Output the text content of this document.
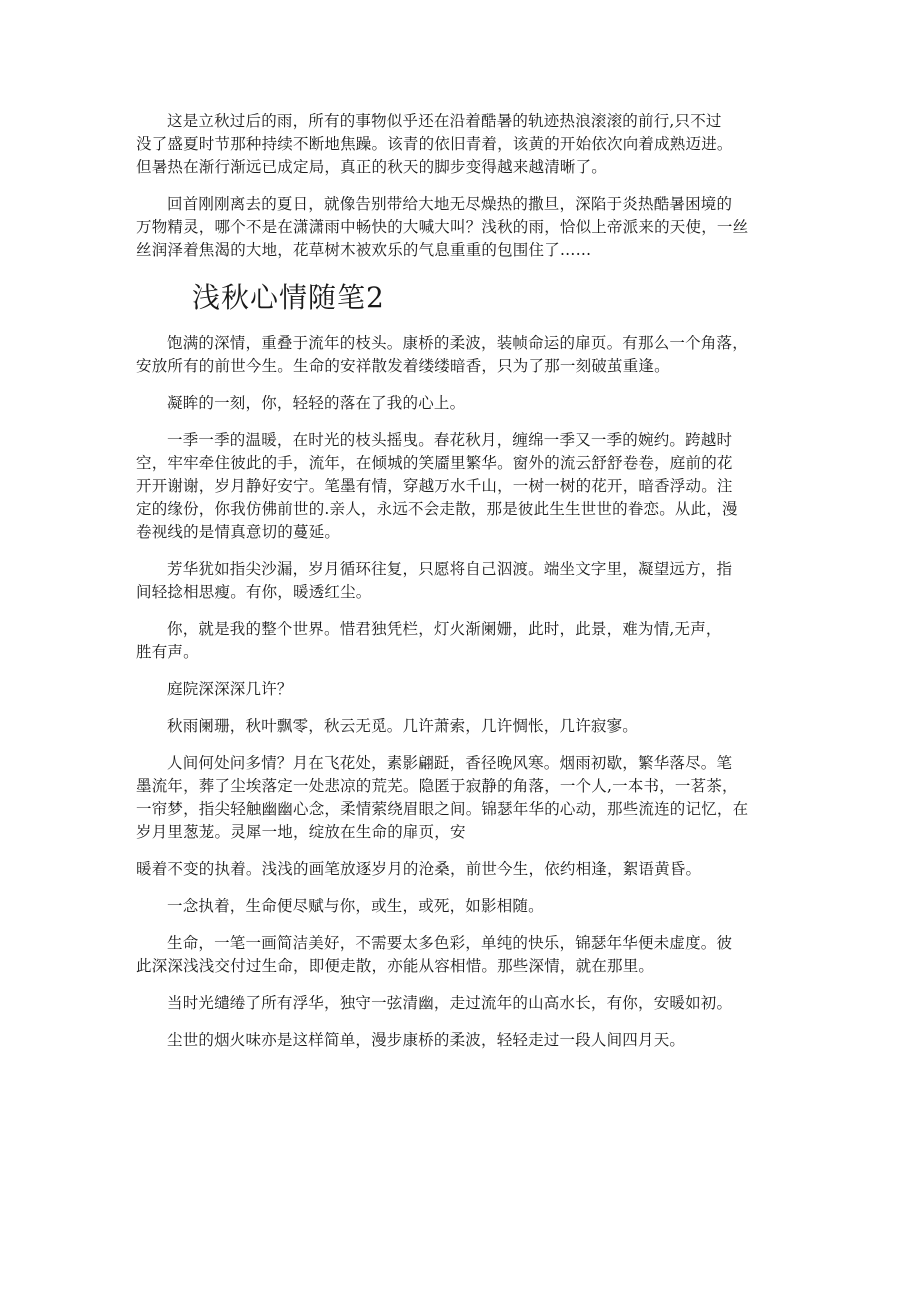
这是立秋过后的雨，所有的事物似乎还在沿着酷暑的轨迹热浪滚滚的前行,只不过
没了盛夏时节那种持续不断地焦躁。该青的依旧青着，该黄的开始依次向着成熟迈进。
但暑热在渐行渐远已成定局，真正的秋天的脚步变得越来越清晰了。

回首刚刚离去的夏日，就像告别带给大地无尽燥热的撒旦，深陷于炎热酷暑困境的
万物精灵，哪个不是在潇潇雨中畅快的大喊大叫？浅秋的雨，恰似上帝派来的天使，一丝
丝润泽着焦渴的大地，花草树木被欢乐的气息重重的包围住了……

浅秋心情随笔2

饱满的深情，重叠于流年的枝头。康桥的柔波，装帧命运的扉页。有那么一个角落，
安放所有的前世今生。生命的安祥散发着缕缕暗香，只为了那一刻破茧重逢。

凝眸的一刻，你，轻轻的落在了我的心上。

一季一季的温暖，在时光的枝头摇曳。春花秋月，缠绵一季又一季的婉约。跨越时
空，牢牢牵住彼此的手，流年，在倾城的笑靥里繁华。窗外的流云舒舒卷卷，庭前的花
开开谢谢，岁月静好安宁。笔墨有情，穿越万水千山，一树一树的花开，暗香浮动。注
定的缘份，你我仿佛前世的.亲人，永远不会走散，那是彼此生生世世的眷恋。从此，漫
卷视线的是情真意切的蔓延。

芳华犹如指尖沙漏，岁月循环往复，只愿将自己泅渡。端坐文字里，凝望远方，指
间轻捻相思瘦。有你，暖透红尘。

你，就是我的整个世界。惜君独凭栏，灯火渐阑姗，此时，此景，难为情,无声，
胜有声。

庭院深深深几许？

秋雨阑珊，秋叶飘零，秋云无觅。几许萧索，几许惆怅，几许寂寥。

人间何处问多情？月在飞花处，素影翩跹，香径晚风寒。烟雨初歇，繁华落尽。笔
墨流年，葬了尘埃落定一处悲凉的荒芜。隐匿于寂静的角落，一个人,一本书，一茗茶，
一帘梦，指尖轻触幽幽心念，柔情萦绕眉眼之间。锦瑟年华的心动，那些流连的记忆，在
岁月里葱茏。灵犀一地，绽放在生命的扉页，安

暖着不变的执着。浅浅的画笔放逐岁月的沧桑，前世今生，依约相逢，絮语黄昏。

一念执着，生命便尽赋与你，或生，或死，如影相随。

生命，一笔一画简洁美好，不需要太多色彩，单纯的快乐，锦瑟年华便未虚度。彼
此深深浅浅交付过生命，即便走散，亦能从容相惜。那些深情，就在那里。

当时光缱绻了所有浮华，独守一弦清幽，走过流年的山高水长，有你，安暖如初。

尘世的烟火味亦是这样简单，漫步康桥的柔波，轻轻走过一段人间四月天。
